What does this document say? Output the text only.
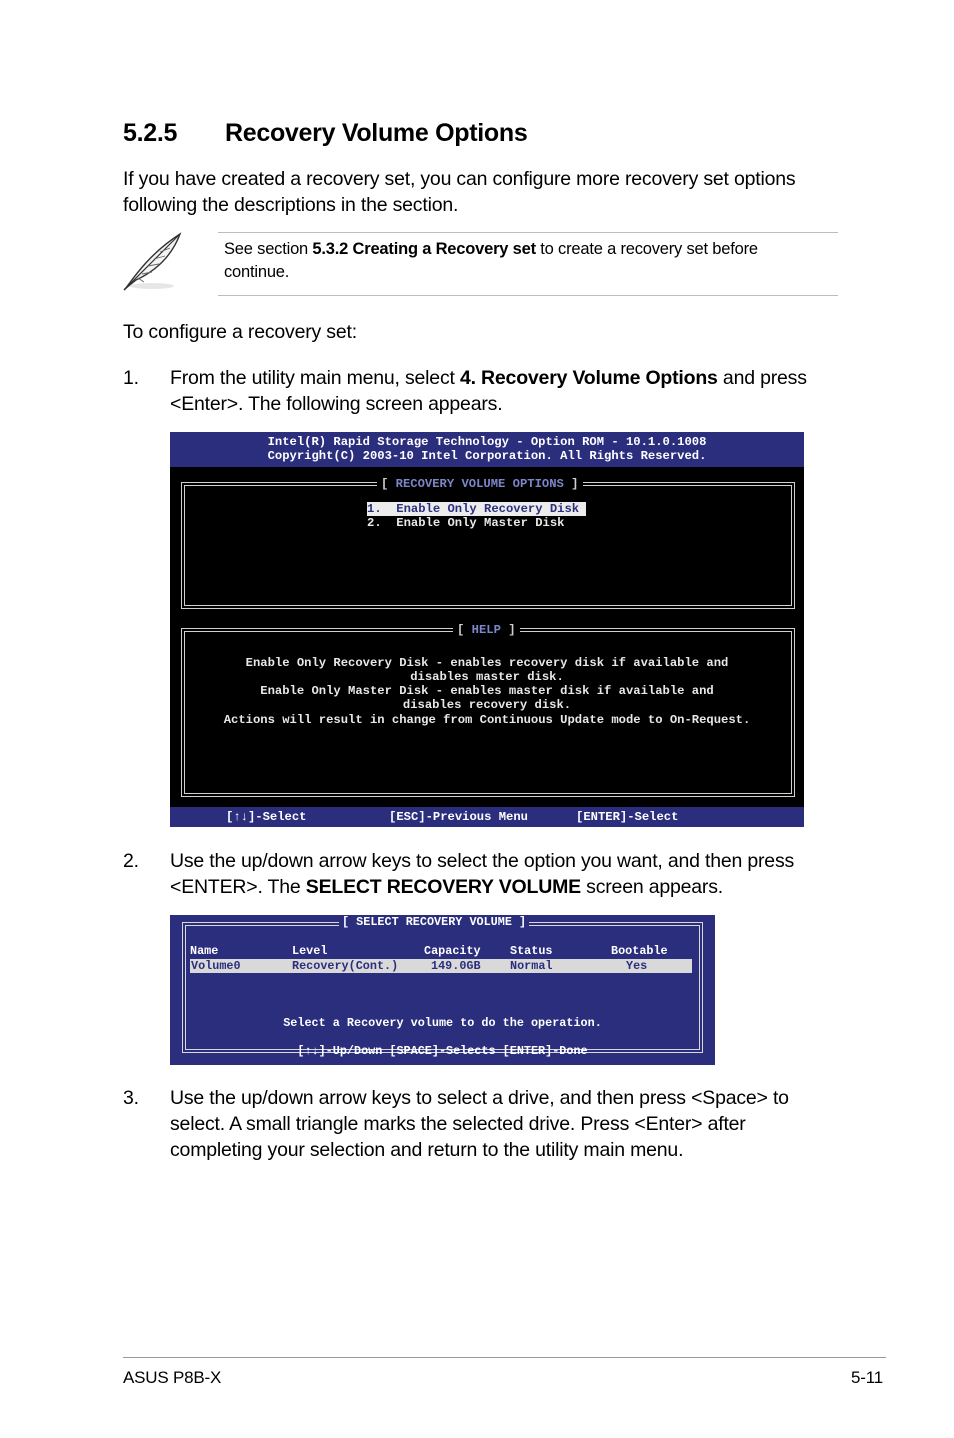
5.2.5 Recovery Volume Options
If you have created a recovery set, you can configure more recovery set options following the descriptions in the section.
See section 5.3.2 Creating a Recovery set to create a recovery set before continue.
To configure a recovery set:
1. From the utility main menu, select 4. Recovery Volume Options and press <Enter>. The following screen appears.
Intel(R) Rapid Storage Technology - Option ROM - 10.1.0.1008
Copyright(C) 2003-10 Intel Corporation. All Rights Reserved.
[ RECOVERY VOLUME OPTIONS ]
1.  Enable Only Recovery Disk
2.  Enable Only Master Disk
[ HELP ]
Enable Only Recovery Disk - enables recovery disk if available and
disables master disk.
Enable Only Master Disk - enables master disk if available and
disables recovery disk.
Actions will result in change from Continuous Update mode to On-Request.
[↑↓]-Select	[ESC]-Previous Menu	[ENTER]-Select
2. Use the up/down arrow keys to select the option you want, and then press <ENTER>. The SELECT RECOVERY VOLUME screen appears.
[ SELECT RECOVERY VOLUME ]
Name	Level	Capacity Status	Bootable
Volume0	Recovery(Cont.)	149.0GB Normal	Yes
Select a Recovery volume to do the operation.
[↑↓]-Up/Down [SPACE]-Selects [ENTER]-Done
3. Use the up/down arrow keys to select a drive, and then press <Space> to select. A small triangle marks the selected drive. Press <Enter> after completing your selection and return to the utility main menu.
ASUS P8B-X	5-11
